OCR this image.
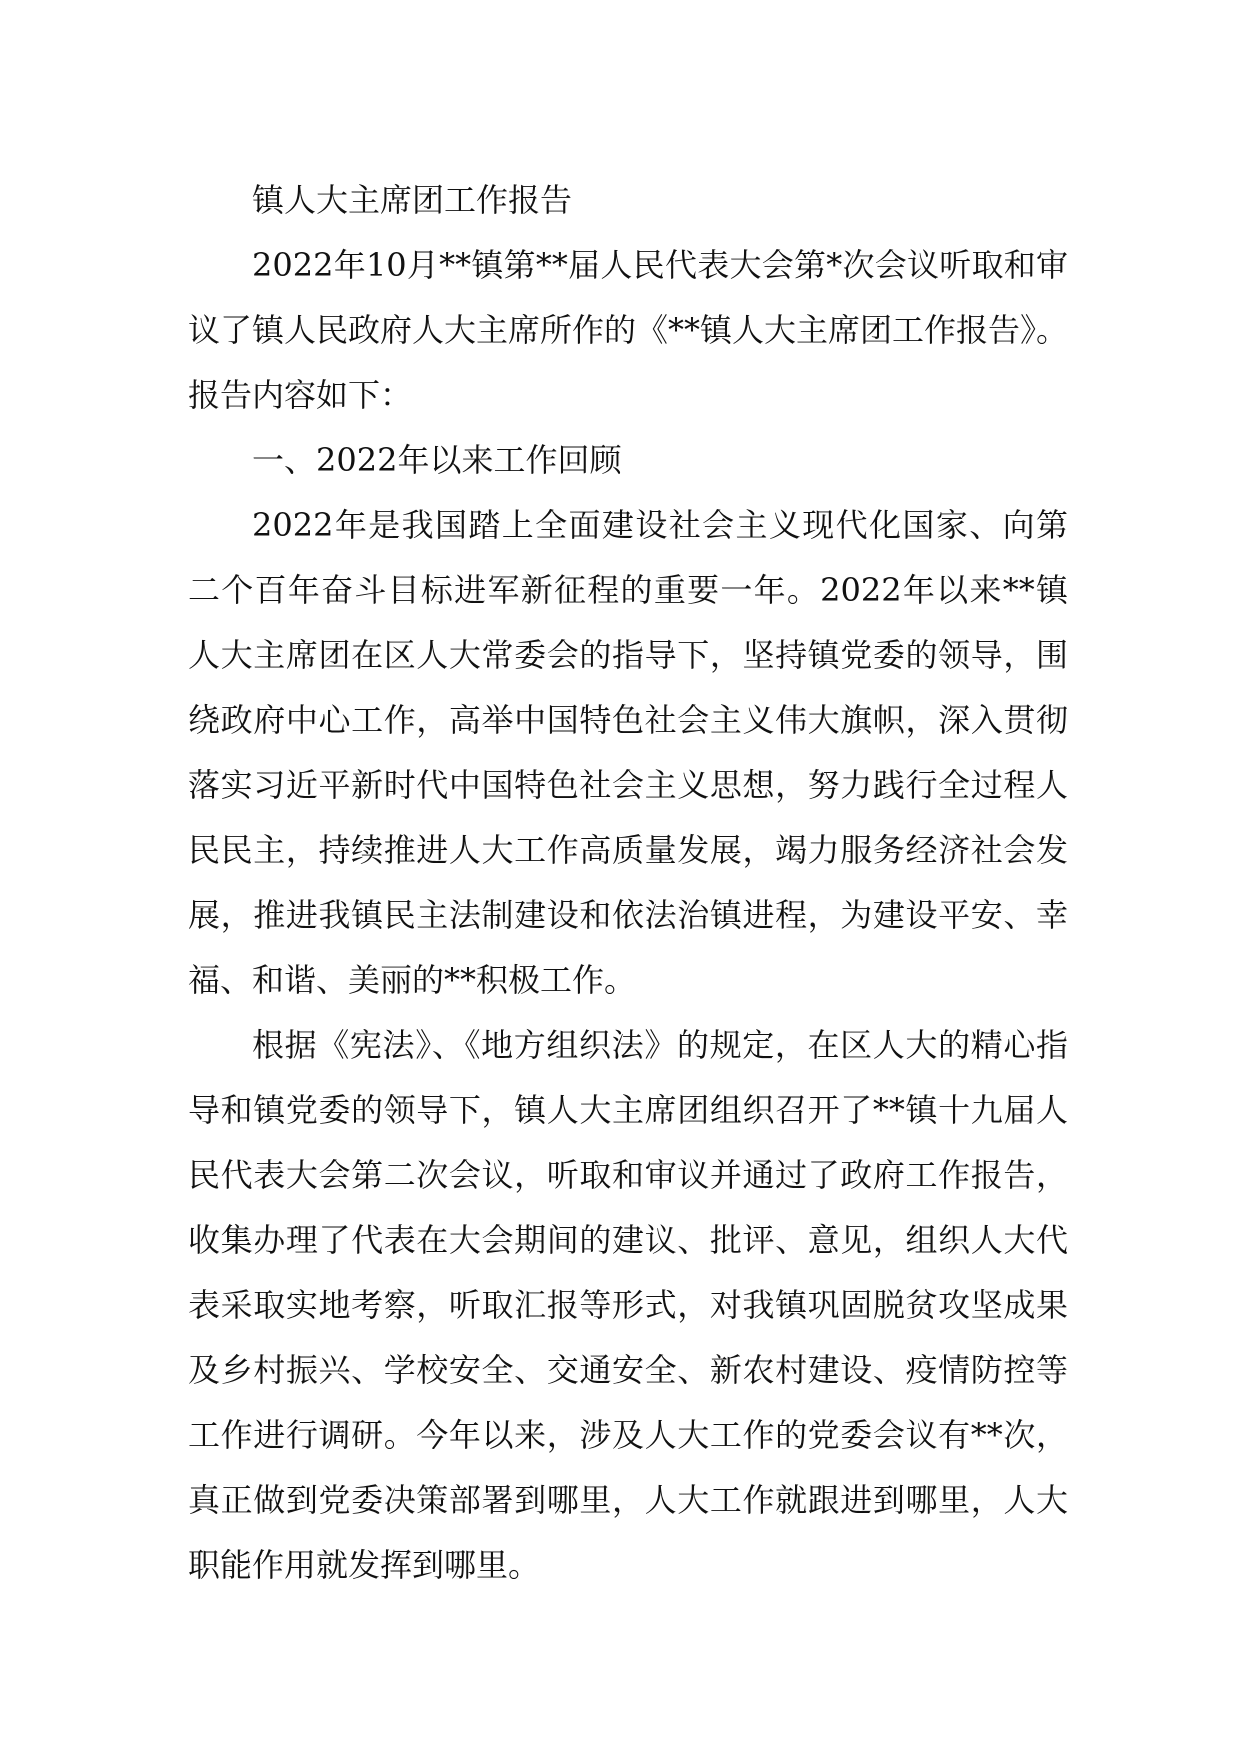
镇人大主席团工作报告

2022年10月**镇第**届人民代表大会第*次会议听取和审议了镇人民政府人大主席所作的《**镇人大主席团工作报告》。报告内容如下：

一、2022年以来工作回顾

2022年是我国踏上全面建设社会主义现代化国家、向第二个百年奋斗目标进军新征程的重要一年。2022年以来**镇人大主席团在区人大常委会的指导下，坚持镇党委的领导，围绕政府中心工作，高举中国特色社会主义伟大旗帜，深入贯彻落实习近平新时代中国特色社会主义思想，努力践行全过程人民民主，持续推进人大工作高质量发展，竭力服务经济社会发展，推进我镇民主法制建设和依法治镇进程，为建设平安、幸福、和谐、美丽的**积极工作。

根据《宪法》、《地方组织法》的规定，在区人大的精心指导和镇党委的领导下，镇人大主席团组织召开了**镇十九届人民代表大会第二次会议，听取和审议并通过了政府工作报告，收集办理了代表在大会期间的建议、批评、意见，组织人大代表采取实地考察，听取汇报等形式，对我镇巩固脱贫攻坚成果及乡村振兴、学校安全、交通安全、新农村建设、疫情防控等工作进行调研。今年以来，涉及人大工作的党委会议有**次，真正做到党委决策部署到哪里，人大工作就跟进到哪里，人大职能作用就发挥到哪里。
